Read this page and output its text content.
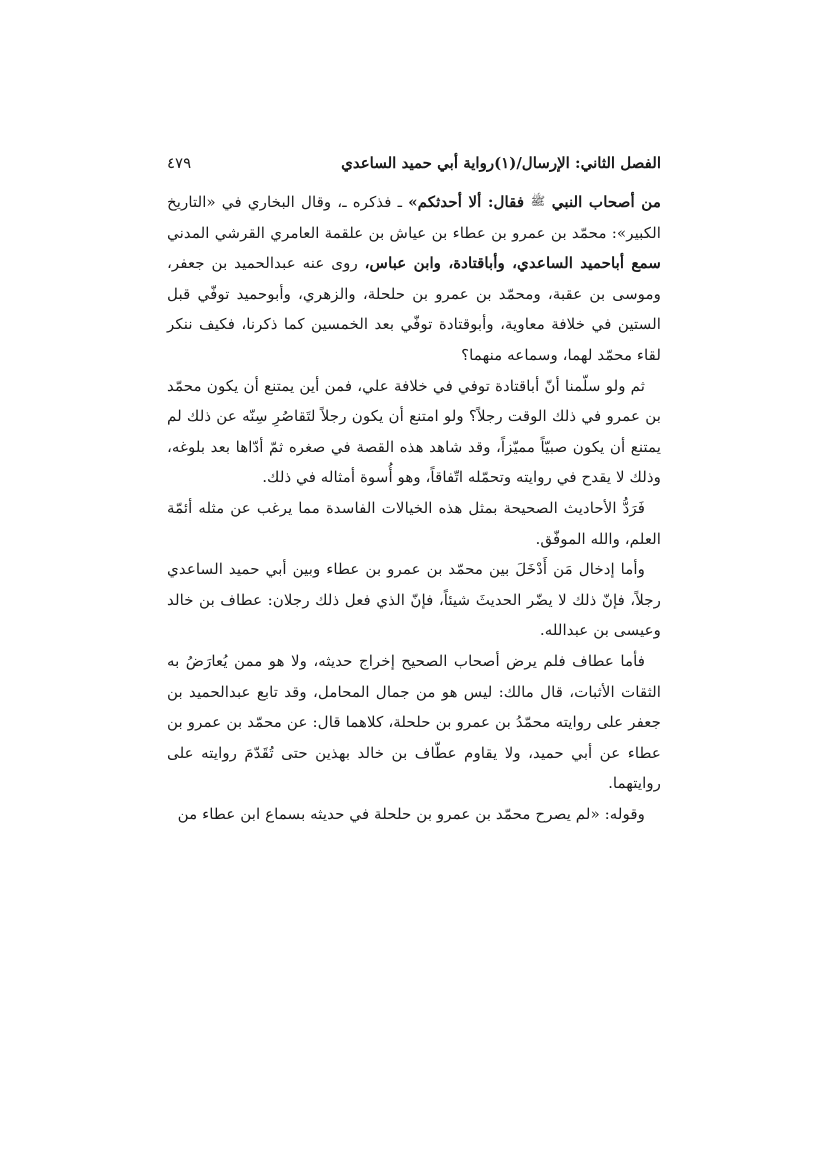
الفصل الثاني: الإرسال/(١)رواية أبي حميد الساعدي
٤٧٩

من أصحاب النبي ﷺ فقال: ألا أحدثكم» ـ فذكره ـ، وقال البخاري في «التاريخ الكبير»: محمّد بن عمرو بن عطاء بن عياش بن علقمة العامري القرشي المدني سمع أباحميد الساعدي، وأباقتادة، وابن عباس، روى عنه عبدالحميد بن جعفر، وموسى بن عقبة، ومحمّد بن عمرو بن حلحلة، والزهري، وأبوحميد توفّي قبل الستين في خلافة معاوية، وأبوقتادة توفّي بعد الخمسين كما ذكرنا، فكيف ننكر لقاء محمّد لهما، وسماعه منهما؟

ثم ولو سلّمنا أنّ أباقتادة توفي في خلافة علي، فمن أين يمتنع أن يكون محمّد بن عمرو في ذلك الوقت رجلاً؟ ولو امتنع أن يكون رجلاً لتَقاصُرِ سِنّه عن ذلك لم يمتنع أن يكون صبيّاً مميّزاً، وقد شاهد هذه القصة في صغره ثمّ أدّاها بعد بلوغه، وذلك لا يقدح في روايته وتحمّله اتّفاقاً، وهو أُسوة أمثاله في ذلك.

فَرَدُّ الأحاديث الصحيحة بمثل هذه الخيالات الفاسدة مما يرغب عن مثله أئمّة العلم، والله الموفّق.

وأما إدخال مَن أَدْخَلَ بين محمّد بن عمرو بن عطاء وبين أبي حميد الساعدي رجلاً، فإنّ ذلك لا يضّر الحديثَ شيئاً، فإنّ الذي فعل ذلك رجلان: عطاف بن خالد وعيسى بن عبدالله.

فأما عطاف فلم يرض أصحاب الصحيح إخراج حديثه، ولا هو ممن يُعارَضُ به الثقات الأثبات، قال مالك: ليس هو من جمال المحامل، وقد تابع عبدالحميد بن جعفر على روايته محمّدُ بن عمرو بن حلحلة، كلاهما قال: عن محمّد بن عمرو بن عطاء عن أبي حميد، ولا يقاوم عطّاف بن خالد بهذين حتى تُقَدّمَ روايته على روايتهما.

وقوله: «لم يصرح محمّد بن عمرو بن حلحلة في حديثه بسماع ابن عطاء من
